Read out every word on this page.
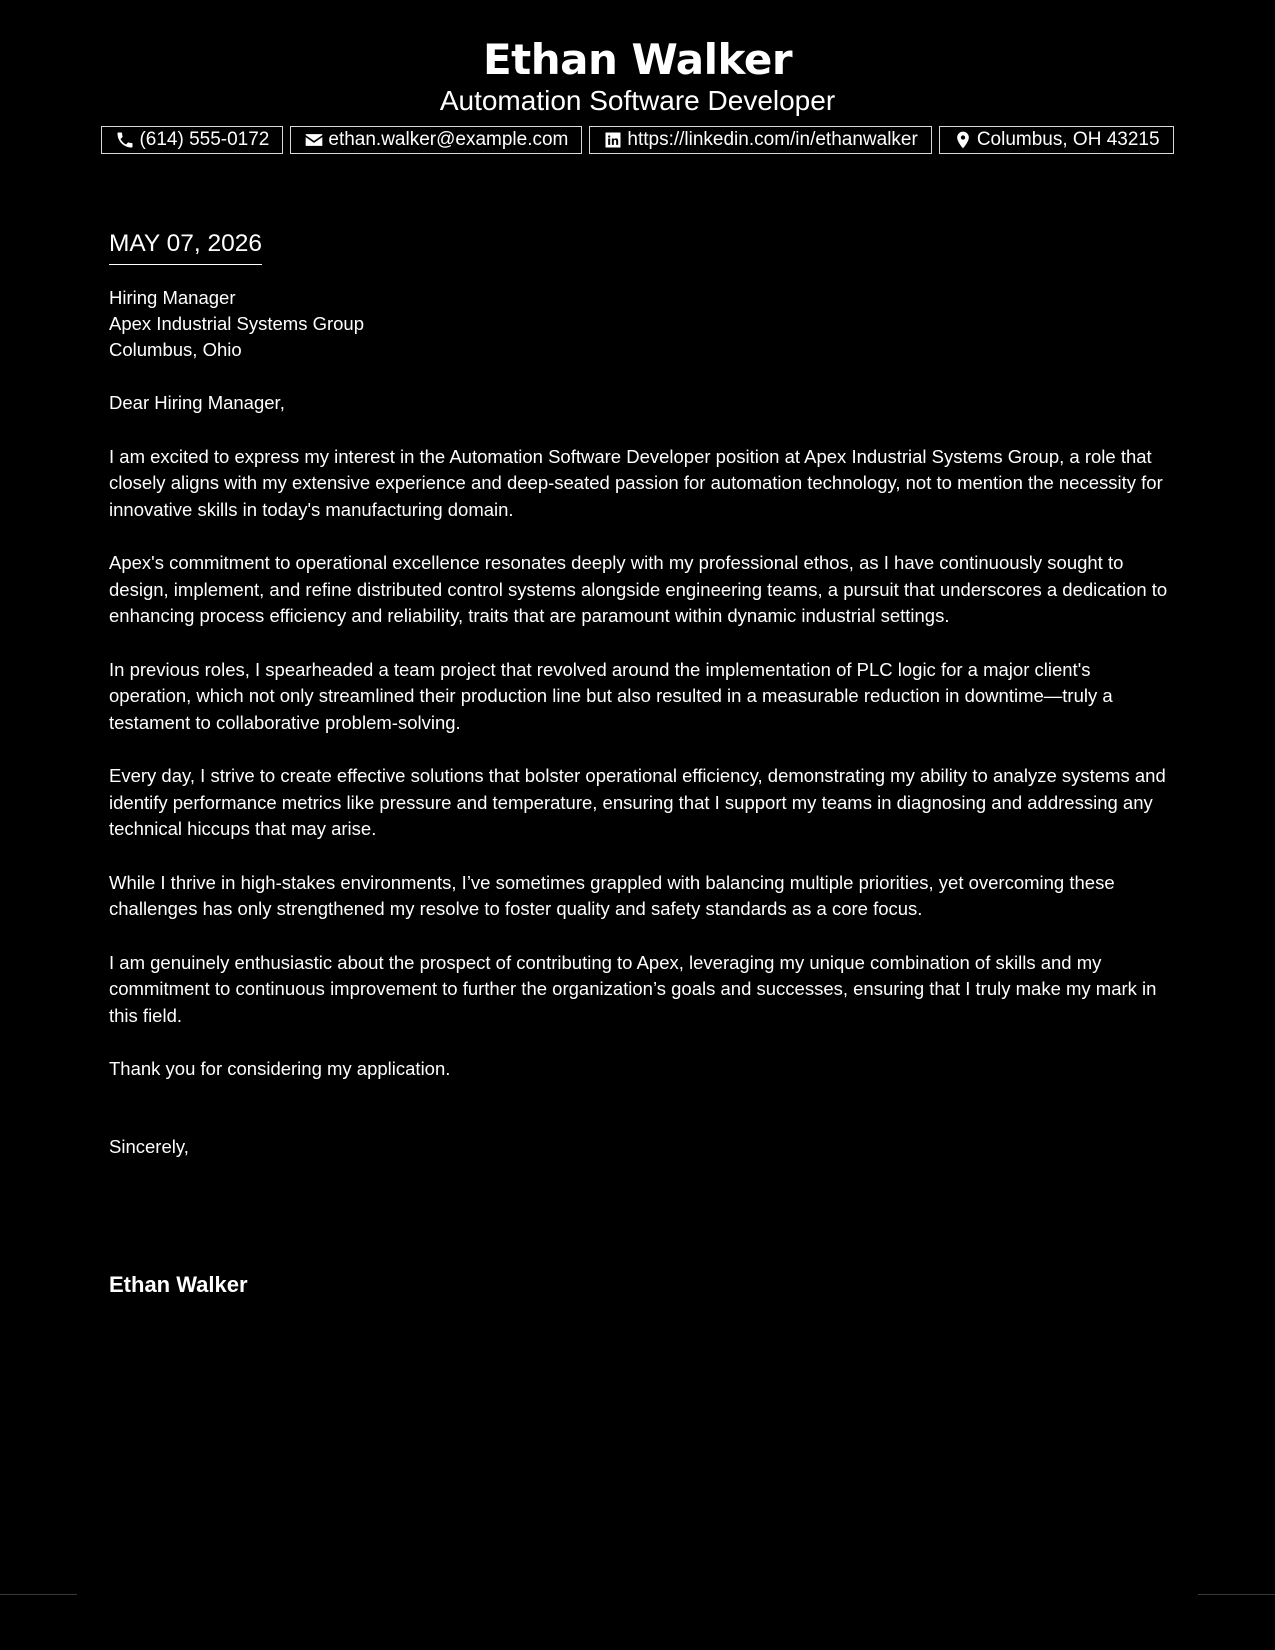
Ethan Walker
Automation Software Developer
(614) 555-0172	ethan.walker@example.com	https://linkedin.com/in/ethanwalker	Columbus, OH 43215
MAY 07, 2026
Hiring Manager
Apex Industrial Systems Group
Columbus, Ohio
Dear Hiring Manager,
I am excited to express my interest in the Automation Software Developer position at Apex Industrial Systems Group, a role that closely aligns with my extensive experience and deep-seated passion for automation technology, not to mention the necessity for innovative skills in today's manufacturing domain.
Apex's commitment to operational excellence resonates deeply with my professional ethos, as I have continuously sought to design, implement, and refine distributed control systems alongside engineering teams, a pursuit that underscores a dedication to enhancing process efficiency and reliability, traits that are paramount within dynamic industrial settings.
In previous roles, I spearheaded a team project that revolved around the implementation of PLC logic for a major client's operation, which not only streamlined their production line but also resulted in a measurable reduction in downtime—truly a testament to collaborative problem-solving.
Every day, I strive to create effective solutions that bolster operational efficiency, demonstrating my ability to analyze systems and identify performance metrics like pressure and temperature, ensuring that I support my teams in diagnosing and addressing any technical hiccups that may arise.
While I thrive in high-stakes environments, I’ve sometimes grappled with balancing multiple priorities, yet overcoming these challenges has only strengthened my resolve to foster quality and safety standards as a core focus.
I am genuinely enthusiastic about the prospect of contributing to Apex, leveraging my unique combination of skills and my commitment to continuous improvement to further the organization’s goals and successes, ensuring that I truly make my mark in this field.
Thank you for considering my application.
Sincerely,
Ethan Walker
